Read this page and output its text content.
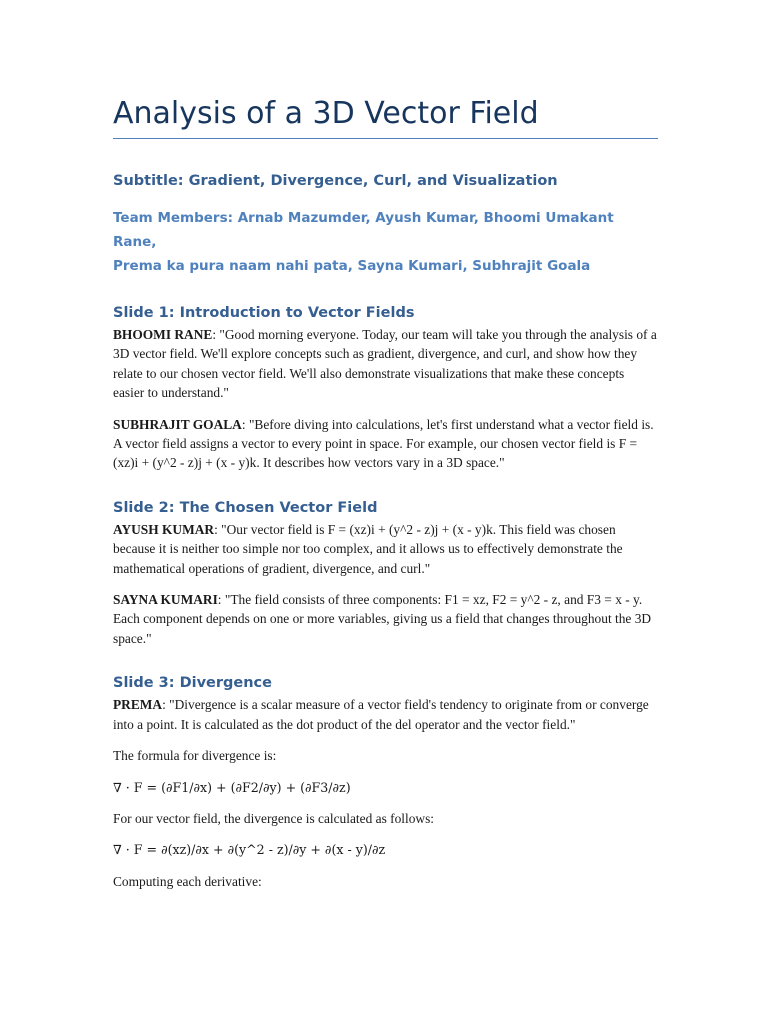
Analysis of a 3D Vector Field

Subtitle: Gradient, Divergence, Curl, and Visualization

Team Members: Arnab Mazumder, Ayush Kumar, Bhoomi Umakant Rane,
Prema ka pura naam nahi pata, Sayna Kumari, Subhrajit Goala

Slide 1: Introduction to Vector Fields

BHOOMI RANE: "Good morning everyone. Today, our team will take you through the analysis of a 3D vector field. We'll explore concepts such as gradient, divergence, and curl, and show how they relate to our chosen vector field. We'll also demonstrate visualizations that make these concepts easier to understand."

SUBHRAJIT GOALA: "Before diving into calculations, let's first understand what a vector field is. A vector field assigns a vector to every point in space. For example, our chosen vector field is F = (xz)i + (y^2 - z)j + (x - y)k. It describes how vectors vary in a 3D space."

Slide 2: The Chosen Vector Field

AYUSH KUMAR: "Our vector field is F = (xz)i + (y^2 - z)j + (x - y)k. This field was chosen because it is neither too simple nor too complex, and it allows us to effectively demonstrate the mathematical operations of gradient, divergence, and curl."

SAYNA KUMARI: "The field consists of three components: F1 = xz, F2 = y^2 - z, and F3 = x - y. Each component depends on one or more variables, giving us a field that changes throughout the 3D space."

Slide 3: Divergence

PREMA: "Divergence is a scalar measure of a vector field's tendency to originate from or converge into a point. It is calculated as the dot product of the del operator and the vector field."

The formula for divergence is:

∇ · F = (∂F1/∂x) + (∂F2/∂y) + (∂F3/∂z)

For our vector field, the divergence is calculated as follows:

∇ · F = ∂(xz)/∂x + ∂(y^2 - z)/∂y + ∂(x - y)/∂z

Computing each derivative:
